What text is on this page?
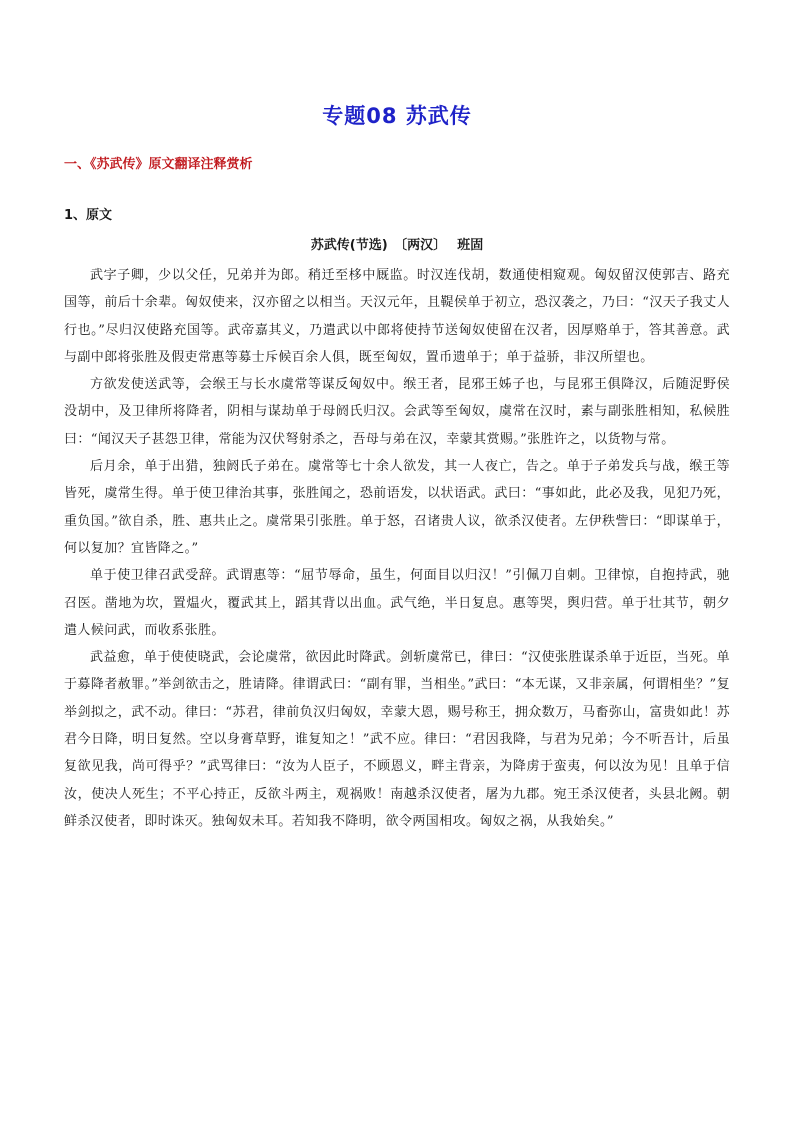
专题08 苏武传
一、《苏武传》原文翻译注释赏析
1、原文
苏武传(节选)　〔两汉〕　 班固

武字子卿，少以父任，兄弟并为郎。稍迁至栘中厩监。时汉连伐胡，数通使相窥观。匈奴留汉使郭吉、路充国等，前后十余辈。匈奴使来，汉亦留之以相当。天汉元年，且鞮侯单于初立，恐汉袭之，乃曰：“汉天子我丈人行也。”尽归汉使路充国等。武帝嘉其义，乃遣武以中郎将使持节送匈奴使留在汉者，因厚赂单于，答其善意。武与副中郎将张胜及假吏常惠等募士斥候百余人俱，既至匈奴，置币遗单于；单于益骄，非汉所望也。

方欲发使送武等，会缑王与长水虞常等谋反匈奴中。缑王者，昆邪王姊子也，与昆邪王俱降汉，后随浞野侯没胡中，及卫律所将降者，阴相与谋劫单于母阏氏归汉。会武等至匈奴，虞常在汉时，素与副张胜相知，私候胜曰：“闻汉天子甚怨卫律，常能为汉伏弩射杀之，吾母与弟在汉，幸蒙其赏赐。”张胜许之，以货物与常。

后月余，单于出猎，独阏氏子弟在。虞常等七十余人欲发，其一人夜亡，告之。单于子弟发兵与战，缑王等皆死，虞常生得。单于使卫律治其事，张胜闻之，恐前语发，以状语武。武曰：“事如此，此必及我，见犯乃死，重负国。”欲自杀，胜、惠共止之。虞常果引张胜。单于怒，召诸贵人议，欲杀汉使者。左伊秩訾曰：“即谋单于，何以复加？宜皆降之。”

单于使卫律召武受辞。武谓惠等：“屈节辱命，虽生，何面目以归汉！”引佩刀自刺。卫律惊，自抱持武，驰召医。凿地为坎，置煴火，覆武其上，蹈其背以出血。武气绝，半日复息。惠等哭，舆归营。单于壮其节，朝夕遣人候问武，而收系张胜。

武益愈，单于使使晓武，会论虞常，欲因此时降武。剑斩虞常已，律曰：“汉使张胜谋杀单于近臣，当死。单于募降者赦罪。”举剑欲击之，胜请降。律谓武曰：“副有罪，当相坐。”武曰：“本无谋，又非亲属，何谓相坐？”复举剑拟之，武不动。律曰：“苏君，律前负汉归匈奴，幸蒙大恩，赐号称王，拥众数万，马畜弥山，富贵如此！苏君今日降，明日复然。空以身膏草野，谁复知之！”武不应。律曰：“君因我降，与君为兄弟；今不听吾计，后虽复欲见我，尚可得乎？”武骂律曰：“汝为人臣子，不顾恩义，畔主背亲，为降虏于蛮夷，何以汝为见！且单于信汝，使决人死生；不平心持正，反欲斗两主，观祸败！南越杀汉使者，屠为九郡。宛王杀汉使者，头县北阙。朝鲜杀汉使者，即时诛灭。独匈奴未耳。若知我不降明，欲令两国相攻。匈奴之祸，从我始矣。”
